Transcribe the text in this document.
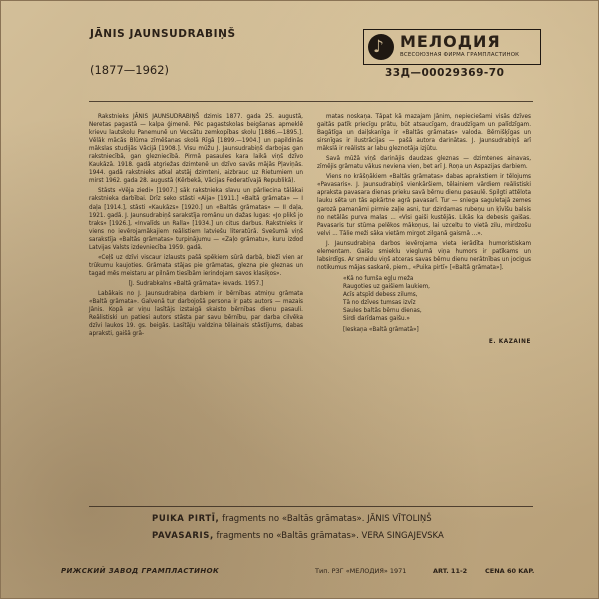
JĀNIS JAUNSUDRABIŅŠ
(1877—1962)
♪ МЕЛОДИЯ
ВСЕСОЮЗНАЯ ФИРМА ГРАМПЛАСТИНОК
33Д—00029369-70

Rakstnieks JĀNIS JAUNSUDRABIŅŠ dzimis 1877. gada 25. augustā, Neretas pagastā — kalpa ģimenē. Pēc pagastskolas beigšanas apmeklē krievu lautskolu Panemunē un Vecsātu zemkopības skolu [1886.—1895.]. Vēlāk mācās Blūma zīmēšanas skolā Rīgā [1899.—1904.] un papildinās mākslas studijās Vācijā [1908.]. Visu mūžu J. Jaunsudrabiņš darbojas gan rakstniecībā, gan glezniecībā. Pirmā pasaules kara laikā viņš dzīvo Kaukāzā. 1918. gadā atgriežas dzimtenē un dzīvo savās mājās Pļaviņās. 1944. gadā rakstnieks atkal atstāj dzimteni, aizbrauc uz Rietumiem un mirst 1962. gada 28. augustā (Kērbekā, Vācijas Federatīvajā Republikā).

Stāsts «Vēja ziedi» [1907.] sāk rakstnieka slavu un pārliecina tālākai rakstnieka darbībai. Drīz seko stāsti «Aija» [1911.] «Baltā grāmata» — I daļa [1914.], stāsti «Kaukāzs» [1920.] un «Baltās grāmatas» — II daļa, 1921. gadā. J. Jaunsudrabiņš sarakstīja romānu un dažas lugas: «Jo plikš jo traks» [1926.], «Invalīds un Ralla» [1934.] un citus darbus. Rakstnieks ir viens no ievērojamākajiem reālistiem latviešu literatūrā. Svešumā viņš sarakstīja «Baltās grāmatas» turpinājumu — «Zaļo grāmatu», kuru izdod Latvijas Valsts izdevniecība 1959. gadā.

«Ceļš uz dzīvi viscaur izlausts pašā spēkiem sūrā darbā, biežī vien ar trūkumu kaujoties. Grāmata stājas pie grāmatas, glezna pie gleznas un tagad mēs meistaru ar pilnām tiesībām ierindojam savos klasiķos».

[J. Sudrabkalns «Baltā grāmata» ievads. 1957.]

Labākais no J. Jaunsudrabiņa darbiem ir bērnības atmiņu grāmata «Baltā grāmata». Galvenā tur darbojošā persona ir pats autors — mazais Jānis. Kopā ar viņu lasītājs izstaigā skaisto bērnības dienu pasauli. Reālistiski un patiesi autors stāsta par savu bērnību, par darba cilvēka dzīvi laukos 19. gs. beigās. Lasītāju valdzina tēlainais stāstījums, dabas apraksti, gaišā grā-

matas noskaņa. Tāpat kā mazajam Jānim, nepieciešami visās dzīves gaitās patīk priecīgu prātu, būt atsaucīgam, draudzīgam un palīdzīgam. Bagātīga un daiļskanīga ir «Baltās grāmatas» valoda. Bērnišķīgas un sirsnīgas ir ilustrācijas — pašā autora darinātas. J. Jaunsudrabiņš arī mākslā ir reālists ar labu gleznotāja izjūtu.

Savā mūžā viņš darinājis daudzas gleznas — dzimtenes ainavas, zīmējis grāmatu vākus neviena vien, bet arī J. Roņa un Aspazijas darbiem.

Viens no krāšņākiem «Baltās grāmatas» dabas aprakstiem ir tēlojums «Pavasaris». J. Jaunsudrabiņš vienkāršiem, tēlainiem vārdiem reālistiski apraksta pavasara dienas prieku savā bērnu dienu pasaulē. Spilgti attēlota lauku sēta un tās apkārtne agrā pavasarī. Tur — sniega saguletajā zemes garozā pamanāmi pirmie zaļie asni, tur dzirdamas rubeņu un ķīvīšu balsis no netālās purva malas ... «Visi gaiši kustējās. Likās ka debesis gaišas. Pavasaris tur stūma pelēkos mākoņus, lai uzceltu to vietā zilu, mirdzošu velvi ... Tālie meži sāka vietām mirgot zilganā gaismā ...».

J. Jaunsudrabiņa darbos ievērojama vieta ierādīta humoristiskam elementam. Gaišu smieklu vieglumā viņa humors ir patīkams un labsirdīgs. Ar smaidu viņš atceras savas bērnu dienu nerātnības un jocigus notikumus mājas saskarē, piem., «Puika pirtī» [«Baltā grāmata»].

«Kā no fumša egļu meža
Raugoties uz gaišiem laukiem,
Acīs atspīd debess zilums,
Tā no dzīves tumsas izvīz
Saules baltās bērnu dienas,
Sirdi darīdamas gaišu.»
[Ieskaņa «Baltā grāmatā»]
E. KAZAINE
PUIKA PIRTĪ, fragments no «Baltās grāmatas». JĀNIS VĪTOLIŅŠ
PAVASARIS, fragments no «Baltās grāmatas». VERA SINGAJEVSKA
РИЖСКИЙ ЗАВОД ГРАМПЛАСТИНОК	Тип. РЗГ «МЕЛОДИЯ» 1971	ART. 11-2	CENA 60 KAP.
